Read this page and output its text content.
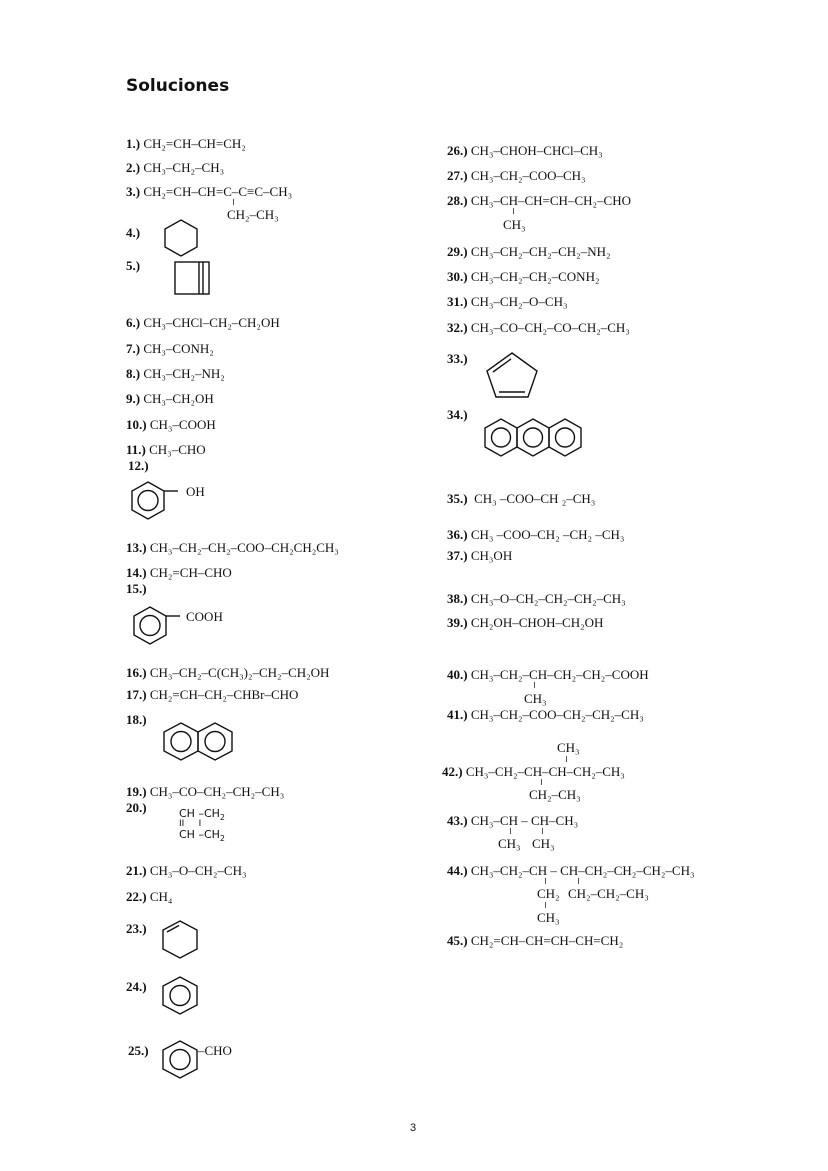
Soluciones
1.) CH₂=CH–CH=CH₂
2.) CH₃–CH₂–CH₃
3.) CH₂=CH–CH=C–C≡C–CH₃
CH₂–CH₃
4.)
5.)
6.) CH₃–CHCl–CH₂–CH₂OH
7.) CH₃–CONH₂
8.) CH₃–CH₂–NH₂
9.) CH₃–CH₂OH
10.) CH₃–COOH
11.) CH₃–CHO
12.)
OH
13.) CH₃–CH₂–CH₂–COO–CH₂CH₂CH₃
14.) CH₂=CH–CHO
15.)
COOH
16.) CH₃–CH₂–C(CH₃)₂–CH₂–CH₂OH
17.) CH₂=CH–CH₂–CHBr–CHO
18.)
19.) CH₃–CO–CH₂–CH₂–CH₃
20.)	CH $-CH_2$
II     I
CH $-CH_2$
21.) CH₃–O–CH₂–CH₃
22.) CH₄
23.)
24.)
25.)	–CHO
26.) CH₃–CHOH–CHCl–CH₃
27.) CH₃–CH₂–COO–CH₃
28.) CH₃–CH–CH=CH–CH₂–CHO
CH₃
29.) CH₃–CH₂–CH₂–CH₂–NH₂
30.) CH₃–CH₂–CH₂–CONH₂
31.) CH₃–CH₂–O–CH₃
32.) CH₃–CO–CH₂–CO–CH₂–CH₃
33.)
34.)
35.) CH₃ –COO–CH ₂–CH₃
36.) CH₃ –COO–CH₂ –CH₂ –CH₃
37.) CH₃OH
38.) CH₃–O–CH₂–CH₂–CH₂–CH₃
39.) CH₂OH–CHOH–CH₂OH
40.) CH₃–CH₂–CH–CH₂–CH₂–COOH
CH₃
41.) CH₃–CH₂–COO–CH₂–CH₂–CH₃
CH₃
42.) CH₃–CH₂–CH–CH–CH₂–CH₃
CH₂–CH₃
43.) CH₃–CH – CH–CH₃
CH₃ CH₃
44.) CH₃–CH₂–CH – CH–CH₂–CH₂–CH₂–CH₃
CH₂ CH₂–CH₂–CH₃
CH₃
45.) CH₂=CH–CH=CH–CH=CH₂
3
